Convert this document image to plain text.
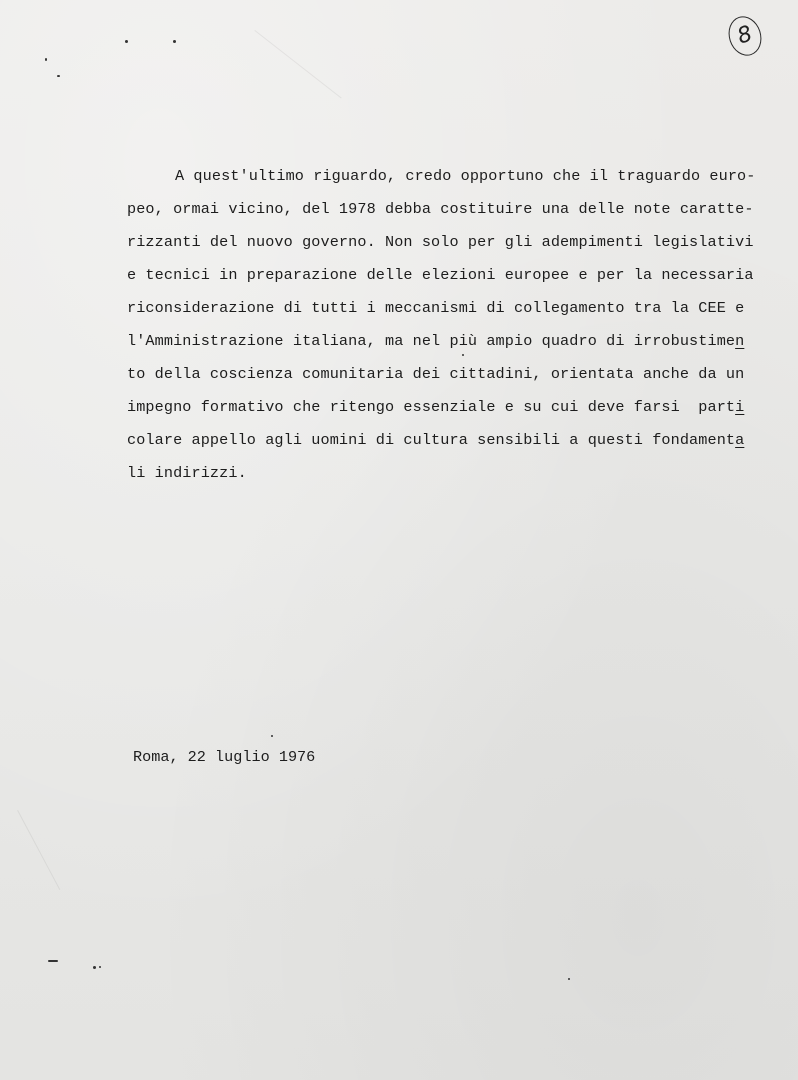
8
A quest'ultimo riguardo, credo opportuno che il traguardo euro-
peo, ormai vicino, del 1978 debba costituire una delle note caratte-
rizzanti del nuovo governo. Non solo per gli adempimenti legislativi
e tecnici in preparazione delle elezioni europee e per la necessaria
riconsiderazione di tutti i meccanismi di collegamento tra la CEE e
l'Amministrazione italiana, ma nel più ampio quadro di irrobustimen
to della coscienza comunitaria dei cittadini, orientata anche da un
impegno formativo che ritengo essenziale e su cui deve farsi  parti
colare appello agli uomini di cultura sensibili a questi fondamenta
li indirizzi.
Roma, 22 luglio 1976
